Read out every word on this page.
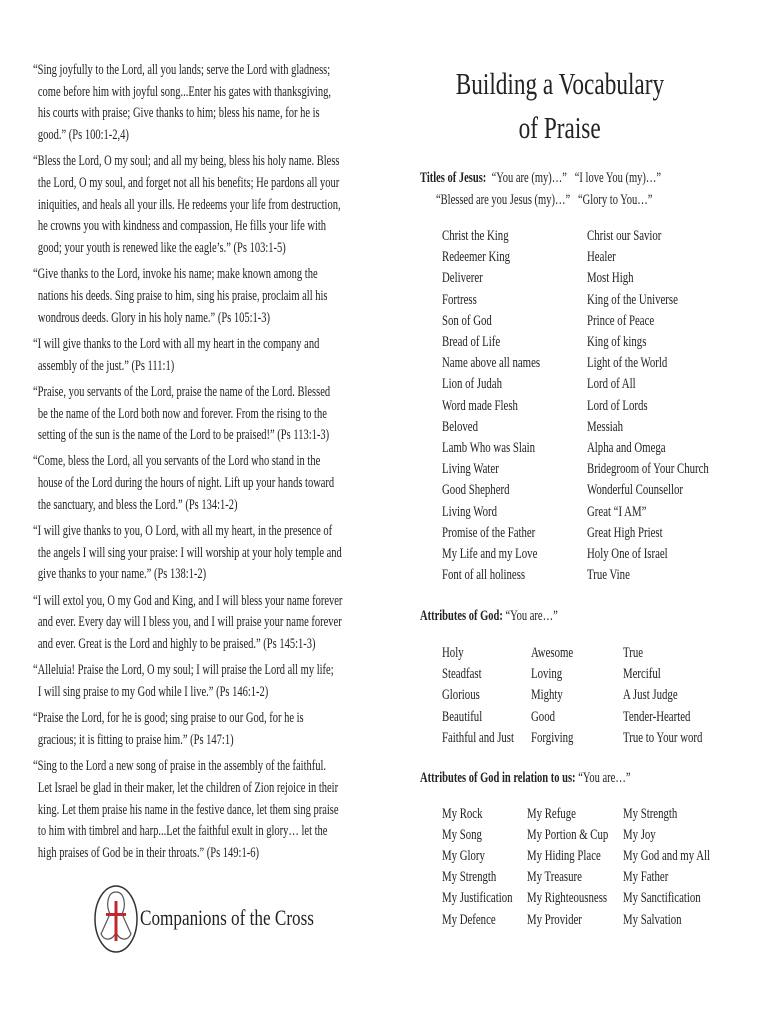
“Sing joyfully to the Lord, all you lands; serve the Lord with gladness;
come before him with joyful song...Enter his gates with thanksgiving,
his courts with praise; Give thanks to him; bless his name, for he is
good.” (Ps 100:1-2,4)
“Bless the Lord, O my soul; and all my being, bless his holy name. Bless
the Lord, O my soul, and forget not all his benefits; He pardons all your
iniquities, and heals all your ills. He redeems your life from destruction,
he crowns you with kindness and compassion, He fills your life with
good; your youth is renewed like the eagle’s.” (Ps 103:1-5)
“Give thanks to the Lord, invoke his name; make known among the
nations his deeds. Sing praise to him, sing his praise, proclaim all his
wondrous deeds. Glory in his holy name.” (Ps 105:1-3)
“I will give thanks to the Lord with all my heart in the company and
assembly of the just.” (Ps 111:1)
“Praise, you servants of the Lord, praise the name of the Lord. Blessed
be the name of the Lord both now and forever. From the rising to the
setting of the sun is the name of the Lord to be praised!” (Ps 113:1-3)
“Come, bless the Lord, all you servants of the Lord who stand in the
house of the Lord during the hours of night. Lift up your hands toward
the sanctuary, and bless the Lord.” (Ps 134:1-2)
“I will give thanks to you, O Lord, with all my heart, in the presence of
the angels I will sing your praise: I will worship at your holy temple and
give thanks to your name.” (Ps 138:1-2)
“I will extol you, O my God and King, and I will bless your name forever
and ever. Every day will I bless you, and I will praise your name forever
and ever. Great is the Lord and highly to be praised.” (Ps 145:1-3)
“Alleluia! Praise the Lord, O my soul; I will praise the Lord all my life;
I will sing praise to my God while I live.” (Ps 146:1-2)
“Praise the Lord, for he is good; sing praise to our God, for he is
gracious; it is fitting to praise him.” (Ps 147:1)
“Sing to the Lord a new song of praise in the assembly of the faithful.
Let Israel be glad in their maker, let the children of Zion rejoice in their
king. Let them praise his name in the festive dance, let them sing praise
to him with timbrel and harp...Let the faithful exult in glory… let the
high praises of God be in their throats.” (Ps 149:1-6)
Building a Vocabulary
of Praise
Titles of Jesus: “You are (my)…”   “I love You (my)…”
“Blessed are you Jesus (my)…”   “Glory to You…”
Christ the King
Redeemer King
Deliverer
Fortress
Son of God
Bread of Life
Name above all names
Lion of Judah
Word made Flesh
Beloved
Lamb Who was Slain
Living Water
Good Shepherd
Living Word
Promise of the Father
My Life and my Love
Font of all holiness
Christ our Savior
Healer
Most High
King of the Universe
Prince of Peace
King of kings
Light of the World
Lord of All
Lord of Lords
Messiah
Alpha and Omega
Bridegroom of Your Church
Wonderful Counsellor
Great “I AM”
Great High Priest
Holy One of Israel
True Vine
Attributes of God: “You are…”
Holy
Steadfast
Glorious
Beautiful
Faithful and Just
Awesome
Loving
Mighty
Good
Forgiving
True
Merciful
A Just Judge
Tender-Hearted
True to Your word
Attributes of God in relation to us: “You are…”
My Rock
My Song
My Glory
My Strength
My Justification
My Defence
My Refuge
My Portion & Cup
My Hiding Place
My Treasure
My Righteousness
My Provider
My Strength
My Joy
My God and my All
My Father
My Sanctification
My Salvation
Companions of the Cross
